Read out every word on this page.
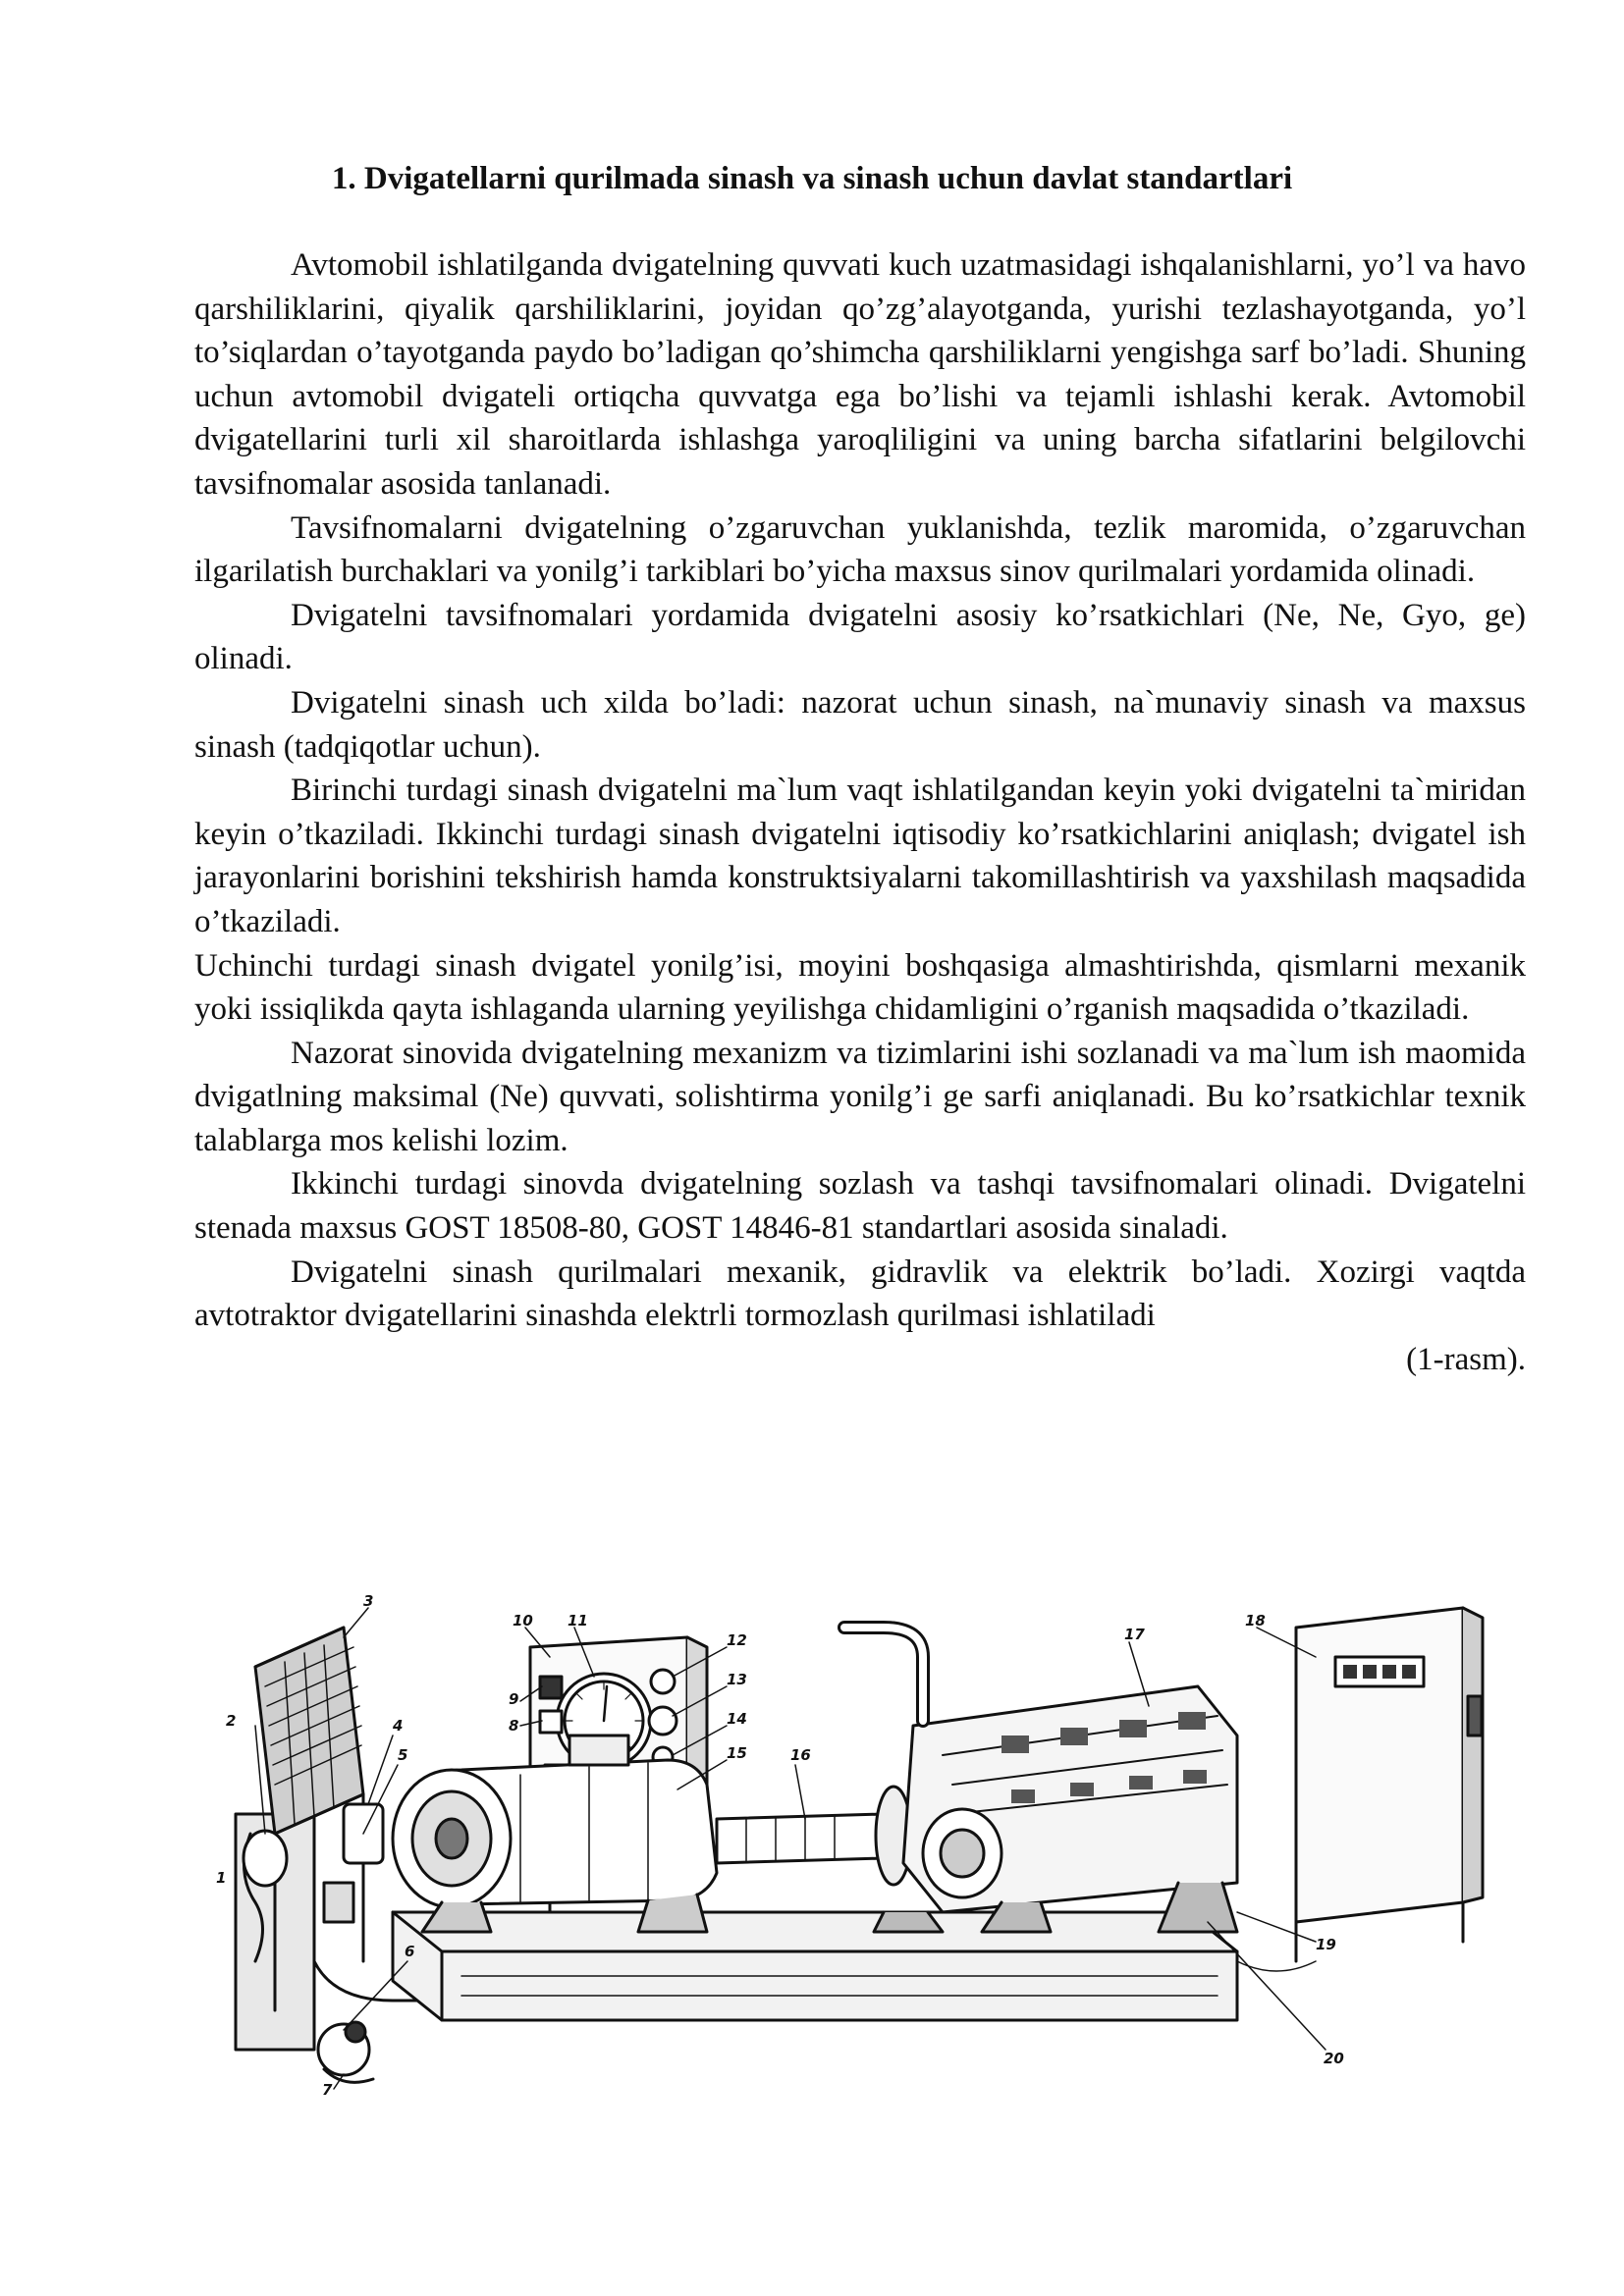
1. Dvigatellarni qurilmada sinash va sinash uchun davlat standartlari

Avtomobil ishlatilganda dvigatelning quvvati kuch uzatmasidagi ishqalanishlarni, yo’l va havo qarshiliklarini, qiyalik qarshiliklarini, joyidan qo’zg’alayotganda, yurishi tezlashayotganda, yo’l to’siqlardan o’tayotganda paydo bo’ladigan qo’shimcha qarshiliklarni yengishga sarf bo’ladi. Shuning uchun avtomobil dvigateli ortiqcha quvvatga ega bo’lishi va tejamli ishlashi kerak. Avtomobil dvigatellarini turli xil sharoitlarda ishlashga yaroqliligini va uning barcha sifatlarini belgilovchi tavsifnomalar asosida tanlanadi.

Tavsifnomalarni dvigatelning o’zgaruvchan yuklanishda, tezlik maromida, o’zgaruvchan ilgarilatish burchaklari va yonilg’i tarkiblari bo’yicha maxsus sinov qurilmalari yordamida olinadi.

Dvigatelni tavsifnomalari yordamida dvigatelni asosiy ko’rsatkichlari (Ne, Ne, Gyo, ge) olinadi.

Dvigatelni sinash uch xilda bo’ladi: nazorat uchun sinash, na`munaviy sinash va maxsus sinash (tadqiqotlar uchun).

Birinchi turdagi sinash dvigatelni ma`lum vaqt ishlatilgandan keyin yoki dvigatelni ta`miridan keyin o’tkaziladi. Ikkinchi turdagi sinash dvigatelni iqtisodiy ko’rsatkichlarini aniqlash; dvigatel ish jarayonlarini borishini tekshirish hamda konstruktsiyalarni takomillashtirish va yaxshilash maqsadida o’tkaziladi.

Uchinchi turdagi sinash dvigatel yonilg’isi, moyini boshqasiga almashtirishda, qismlarni mexanik yoki issiqlikda qayta ishlaganda ularning yeyilishga chidamligini o’rganish maqsadida o’tkaziladi.

Nazorat sinovida dvigatelning mexanizm va tizimlarini ishi sozlanadi va ma`lum ish maomida dvigatlning maksimal (Ne) quvvati, solishtirma yonilg’i ge sarfi aniqlanadi. Bu ko’rsatkichlar texnik talablarga mos kelishi lozim.

Ikkinchi turdagi sinovda dvigatelning sozlash va tashqi tavsifnomalari olinadi. Dvigatelni stenada maxsus GOST 18508-80, GOST 14846-81 standartlari asosida sinaladi.

Dvigatelni sinash qurilmalari mexanik, gidravlik va elektrik bo’ladi. Xozirgi vaqtda avtotraktor dvigatellarini sinashda elektrli tormozlash qurilmasi ishlatiladi

(1-rasm).

3
2
1
4
5
6
7
8
9
10 11
12
13
14
15	16
17
18
19
20
